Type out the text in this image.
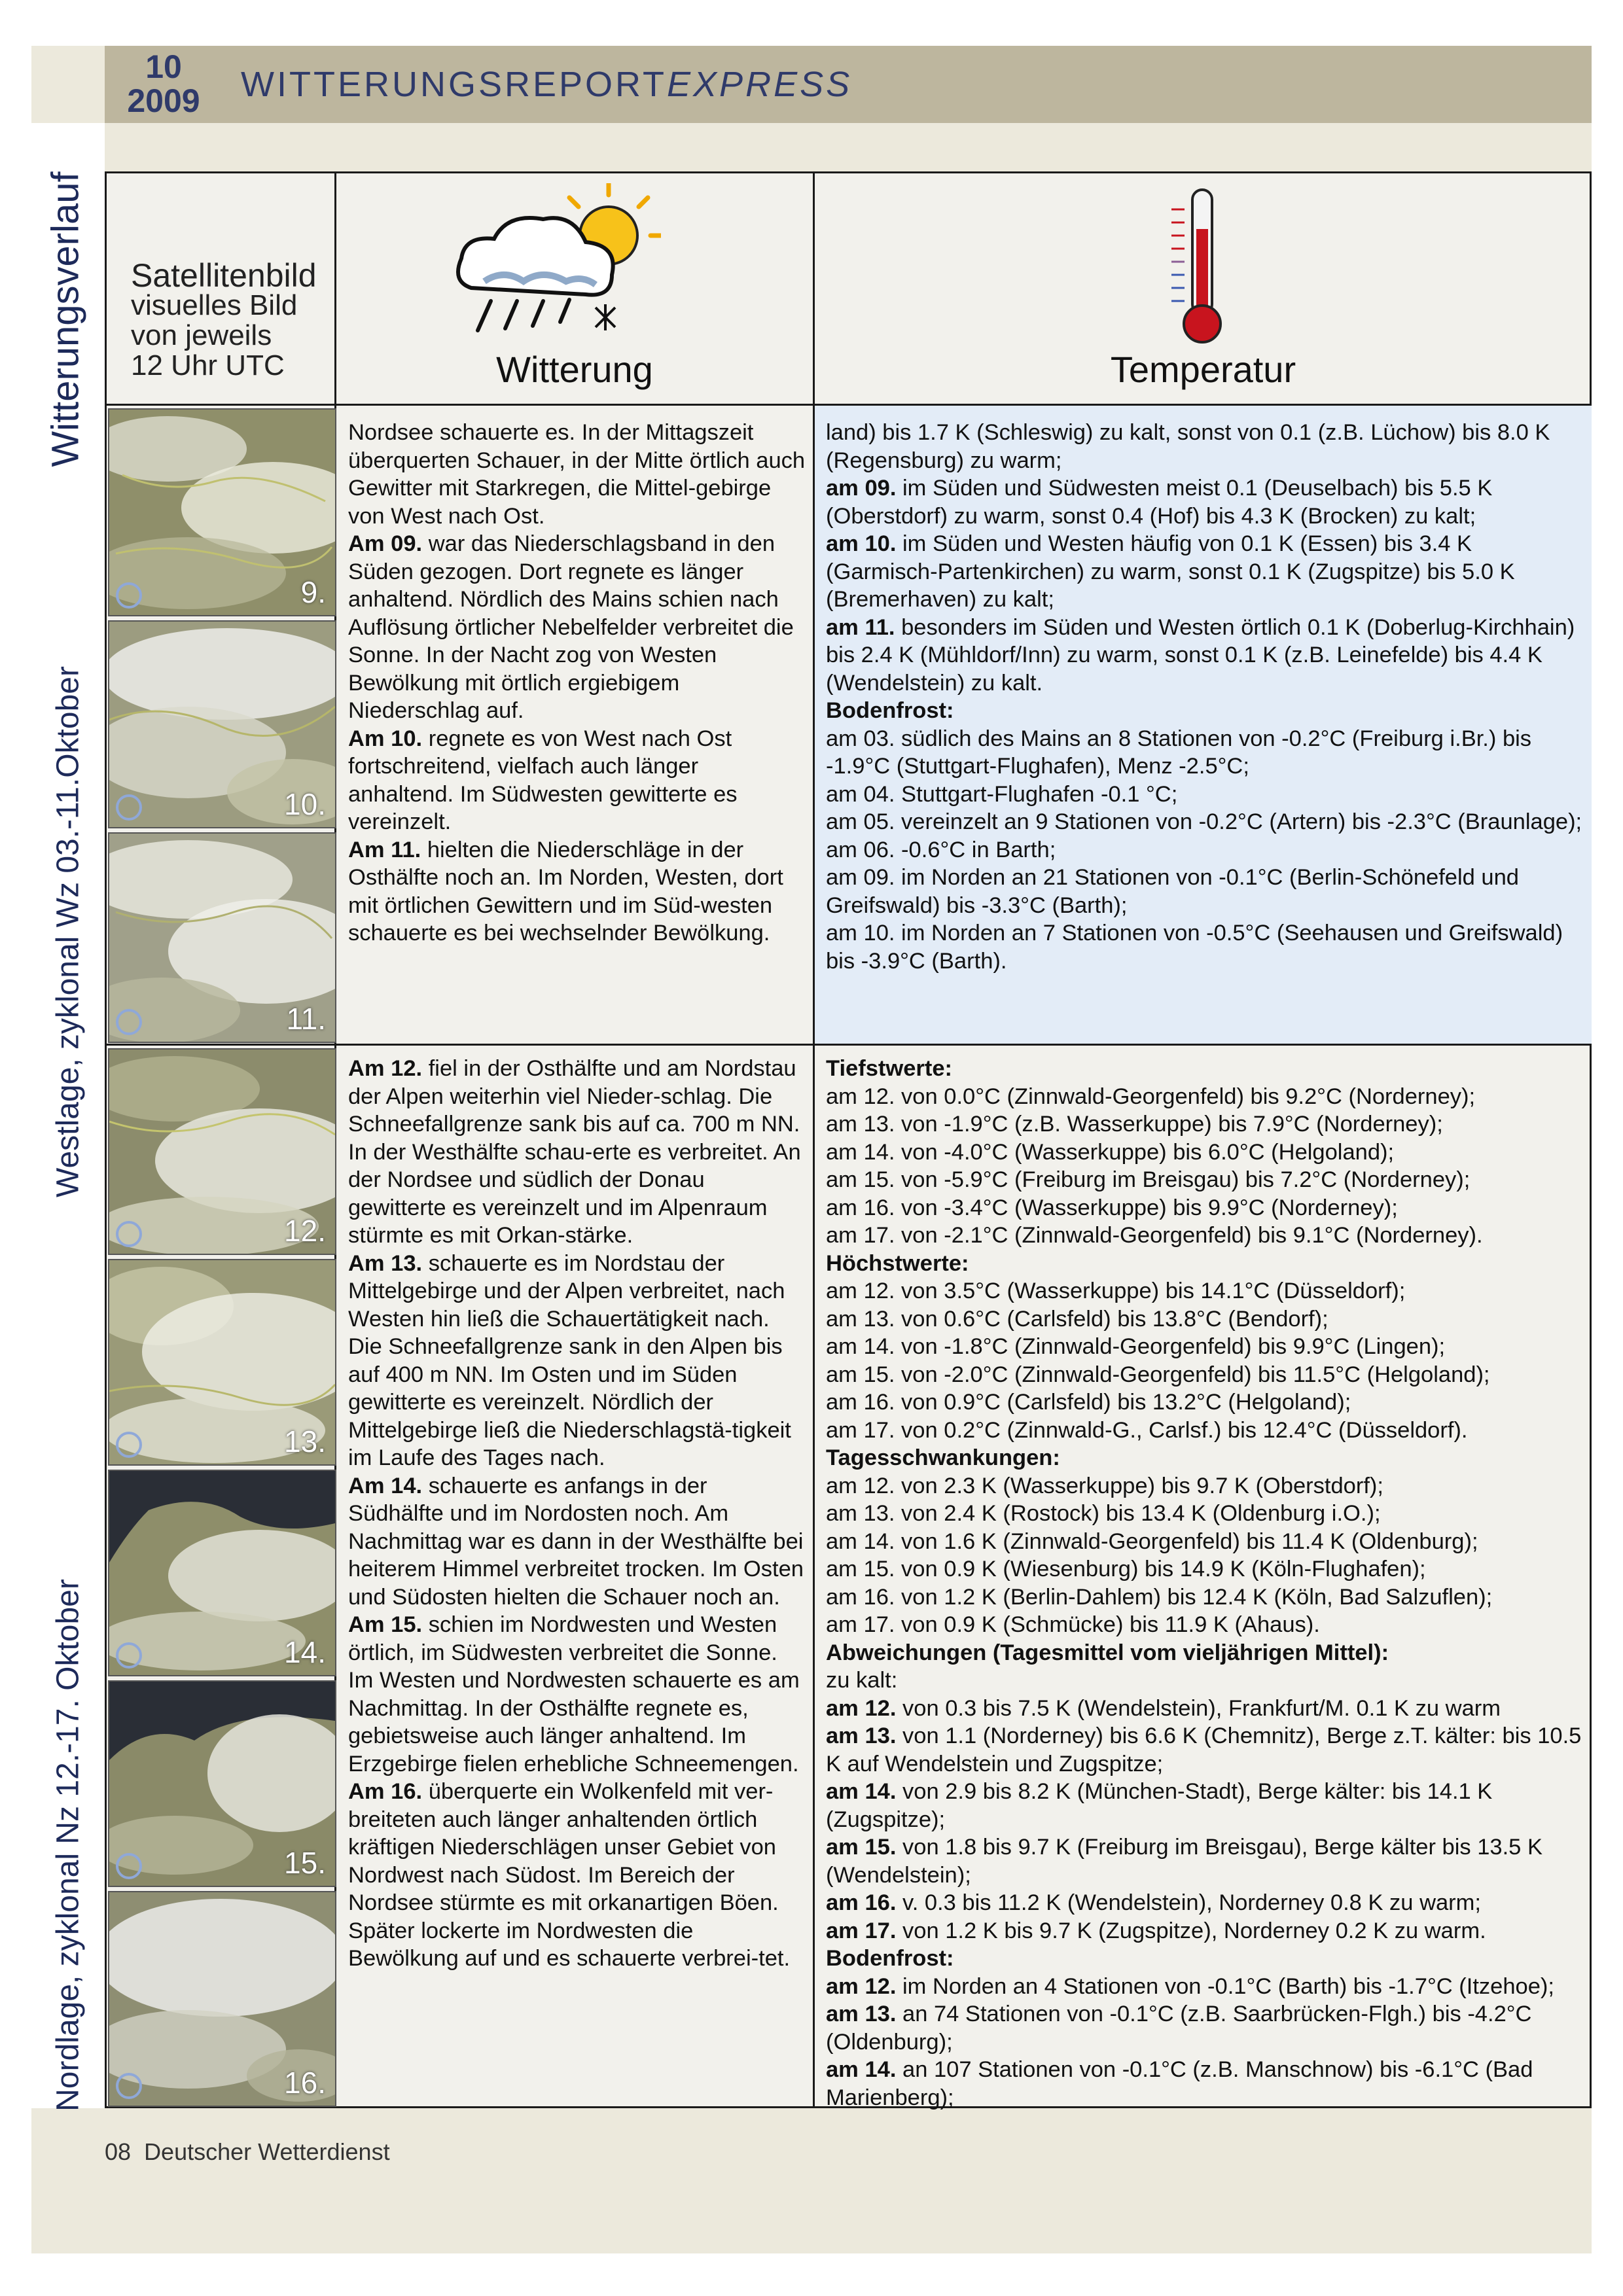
10
2009 WITTERUNGSREPORTEXPRESS
Witterungsverlauf
Westlage, zyklonal Wz 03.-11.Oktober
Nordlage, zyklonal Nz 12.-17. Oktober
Satellitenbild
visuelles Bild
von jeweils
12 Uhr UTC	Witterung	Temperatur
9.
10.
11.
12.
13.
14.
15.
16.

Nordsee schauerte es. In der Mittagszeit überquerten Schauer, in der Mitte örtlich auch Gewitter mit Starkregen, die Mittel-gebirge von West nach Ost.

Am 09. war das Niederschlagsband in den Süden gezogen. Dort regnete es länger anhaltend. Nördlich des Mains schien nach Auflösung örtlicher Nebelfelder verbreitet die Sonne. In der Nacht zog von Westen Bewölkung mit örtlich ergiebigem Niederschlag auf.

Am 10. regnete es von West nach Ost fortschreitend, vielfach auch länger anhaltend. Im Südwesten gewitterte es vereinzelt.

Am 11. hielten die Niederschläge in der Osthälfte noch an. Im Norden, Westen, dort mit örtlichen Gewittern und im Süd-westen schauerte es bei wechselnder Bewölkung.

land) bis 1.7 K (Schleswig) zu kalt, sonst von 0.1 (z.B. Lüchow) bis 8.0 K (Regensburg) zu warm;

am 09. im Süden und Südwesten meist 0.1 (Deuselbach) bis 5.5 K (Oberstdorf) zu warm, sonst 0.4 (Hof) bis 4.3 K (Brocken) zu kalt;

am 10. im Süden und Westen häufig von 0.1 K (Essen) bis 3.4 K (Garmisch-Partenkirchen) zu warm, sonst 0.1 K (Zugspitze) bis 5.0 K (Bremerhaven) zu kalt;

am 11. besonders im Süden und Westen örtlich 0.1 K (Doberlug-Kirchhain) bis 2.4 K (Mühldorf/Inn) zu warm, sonst 0.1 K (z.B. Leinefelde) bis 4.4 K (Wendelstein) zu kalt.

Bodenfrost:

am 03. südlich des Mains an 8 Stationen von -0.2°C (Freiburg i.Br.) bis -1.9°C (Stuttgart-Flughafen), Menz -2.5°C;

am 04. Stuttgart-Flughafen -0.1 °C;

am 05. vereinzelt an 9 Stationen von -0.2°C (Artern) bis -2.3°C (Braunlage);

am 06. -0.6°C in Barth;

am 09. im Norden an 21 Stationen von -0.1°C (Berlin-Schönefeld und Greifswald) bis -3.3°C (Barth);

am 10. im Norden an 7 Stationen von -0.5°C (Seehausen und Greifswald) bis -3.9°C (Barth).

Am 12. fiel in der Osthälfte und am Nordstau der Alpen weiterhin viel Nieder-schlag. Die Schneefallgrenze sank bis auf ca. 700 m NN. In der Westhälfte schau-erte es verbreitet. An der Nordsee und südlich der Donau gewitterte es vereinzelt und im Alpenraum stürmte es mit Orkan-stärke.

Am 13. schauerte es im Nordstau der Mittelgebirge und der Alpen verbreitet, nach Westen hin ließ die Schauertätigkeit nach. Die Schneefallgrenze sank in den Alpen bis auf 400 m NN. Im Osten und im Süden gewitterte es vereinzelt. Nördlich der Mittelgebirge ließ die Niederschlagstä-tigkeit im Laufe des Tages nach.

Am 14. schauerte es anfangs in der Südhälfte und im Nordosten noch. Am Nachmittag war es dann in der Westhälfte bei heiterem Himmel verbreitet trocken. Im Osten und Südosten hielten die Schauer noch an.

Am 15. schien im Nordwesten und Westen örtlich, im Südwesten verbreitet die Sonne. Im Westen und Nordwesten schauerte es am Nachmittag. In der Osthälfte regnete es, gebietsweise auch länger anhaltend. Im Erzgebirge fielen erhebliche Schneemengen.

Am 16. überquerte ein Wolkenfeld mit ver-breiteten auch länger anhaltenden örtlich kräftigen Niederschlägen unser Gebiet von Nordwest nach Südost. Im Bereich der Nordsee stürmte es mit orkanartigen Böen. Später lockerte im Nordwesten die Bewölkung auf und es schauerte verbrei-tet.

Tiefstwerte:

am 12. von 0.0°C (Zinnwald-Georgenfeld) bis 9.2°C (Norderney);

am 13. von -1.9°C (z.B. Wasserkuppe) bis 7.9°C (Norderney);

am 14. von -4.0°C (Wasserkuppe) bis 6.0°C (Helgoland);

am 15. von -5.9°C (Freiburg im Breisgau) bis 7.2°C (Norderney);

am 16. von -3.4°C (Wasserkuppe) bis 9.9°C (Norderney);

am 17. von -2.1°C (Zinnwald-Georgenfeld) bis 9.1°C (Norderney).

Höchstwerte:

am 12. von 3.5°C (Wasserkuppe) bis 14.1°C (Düsseldorf);

am 13. von 0.6°C (Carlsfeld) bis 13.8°C (Bendorf);

am 14. von -1.8°C (Zinnwald-Georgenfeld) bis 9.9°C (Lingen);

am 15. von -2.0°C (Zinnwald-Georgenfeld) bis 11.5°C (Helgoland);

am 16. von 0.9°C (Carlsfeld) bis 13.2°C (Helgoland);

am 17. von 0.2°C (Zinnwald-G., Carlsf.) bis 12.4°C (Düsseldorf).

Tagesschwankungen:

am 12. von 2.3 K (Wasserkuppe) bis 9.7 K (Oberstdorf);

am 13. von 2.4 K (Rostock) bis 13.4 K (Oldenburg i.O.);

am 14. von 1.6 K (Zinnwald-Georgenfeld) bis 11.4 K (Oldenburg);

am 15. von 0.9 K (Wiesenburg) bis 14.9 K (Köln-Flughafen);

am 16. von 1.2 K (Berlin-Dahlem) bis 12.4 K (Köln, Bad Salzuflen);

am 17. von 0.9 K (Schmücke) bis 11.9 K (Ahaus).

Abweichungen (Tagesmittel vom vieljährigen Mittel):

zu kalt:

am 12. von 0.3 bis 7.5 K (Wendelstein), Frankfurt/M. 0.1 K zu warm

am 13. von 1.1 (Norderney) bis 6.6 K (Chemnitz), Berge z.T. kälter: bis 10.5 K auf Wendelstein und Zugspitze;

am 14. von 2.9 bis 8.2 K (München-Stadt), Berge kälter: bis 14.1 K (Zugspitze);

am 15. von 1.8 bis 9.7 K (Freiburg im Breisgau), Berge kälter bis 13.5 K (Wendelstein);

am 16. v. 0.3 bis 11.2 K (Wendelstein), Norderney 0.8 K zu warm;

am 17. von 1.2 K bis 9.7 K (Zugspitze), Norderney 0.2 K zu warm.

Bodenfrost:

am 12. im Norden an 4 Stationen von -0.1°C (Barth) bis -1.7°C (Itzehoe);

am 13. an 74 Stationen von -0.1°C (z.B. Saarbrücken-Flgh.) bis -4.2°C (Oldenburg);

am 14. an 107 Stationen von -0.1°C (z.B. Manschnow) bis -6.1°C (Bad Marienberg);

08 Deutscher Wetterdienst
